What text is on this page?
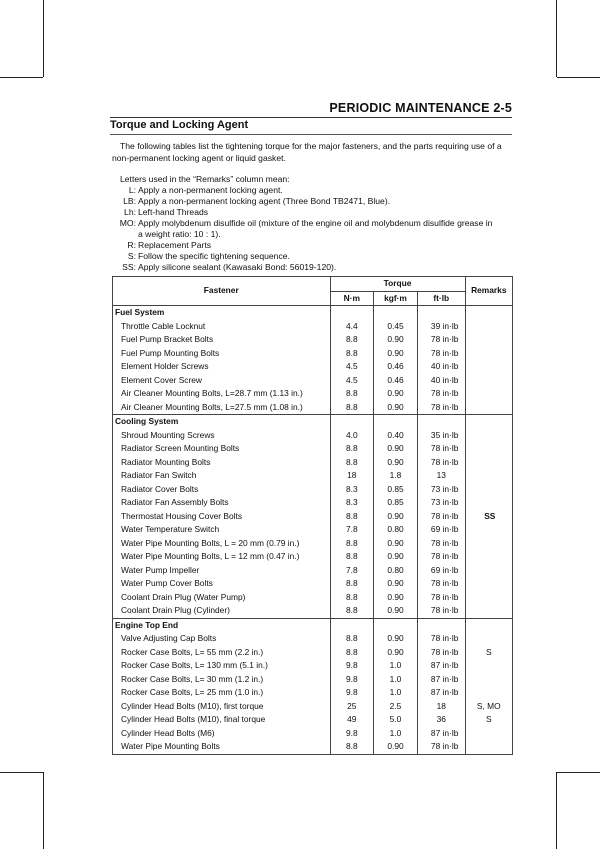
PERIODIC MAINTENANCE 2-5
Torque and Locking Agent
The following tables list the tightening torque for the major fasteners, and the parts requiring use of a non-permanent locking agent or liquid gasket.
Letters used in the “Remarks” column mean:
L: Apply a non-permanent locking agent.
LB: Apply a non-permanent locking agent (Three Bond TB2471, Blue).
Lh: Left-hand Threads
MO: Apply molybdenum disulfide oil (mixture of the engine oil and molybdenum disulfide grease in
a weight ratio: 10 : 1).
R: Replacement Parts
S: Follow the specific tightening sequence.
SS: Apply silicone sealant (Kawasaki Bond: 56019-120).
Fastener	Torque			Remarks
	N·m	kgf·m	ft·lb	
Fuel System				
Throttle Cable Locknut	4.4	0.45	39 in·lb	
Fuel Pump Bracket Bolts	8.8	0.90	78 in·lb	
Fuel Pump Mounting Bolts	8.8	0.90	78 in·lb	
Element Holder Screws	4.5	0.46	40 in·lb	
Element Cover Screw	4.5	0.46	40 in·lb	
Air Cleaner Mounting Bolts, L=28.7 mm (1.13 in.)	8.8	0.90	78 in·lb	
Air Cleaner Mounting Bolts, L=27.5 mm (1.08 in.)	8.8	0.90	78 in·lb	
Cooling System				SS
Shroud Mounting Screws	4.0	0.40	35 in·lb	
Radiator Screen Mounting Bolts	8.8	0.90	78 in·lb	
Radiator Mounting Bolts	8.8	0.90	78 in·lb	
Radiator Fan Switch	18	1.8	13	
Radiator Cover Bolts	8.3	0.85	73 in·lb	
Radiator Fan Assembly Bolts	8.3	0.85	73 in·lb	
Thermostat Housing Cover Bolts	8.8	0.90	78 in·lb	
Water Temperature Switch	7.8	0.80	69 in·lb	
Water Pipe Mounting Bolts, L = 20 mm (0.79 in.)	8.8	0.90	78 in·lb	
Water Pipe Mounting Bolts, L = 12 mm (0.47 in.)	8.8	0.90	78 in·lb	
Water Pump Impeller	7.8	0.80	69 in·lb	
Water Pump Cover Bolts	8.8	0.90	78 in·lb	
Coolant Drain Plug (Water Pump)	8.8	0.90	78 in·lb	
Coolant Drain Plug (Cylinder)	8.8	0.90	78 in·lb	
Engine Top End				
Valve Adjusting Cap Bolts	8.8	0.90	78 in·lb	
Rocker Case Bolts, L= 55 mm (2.2 in.)	8.8	0.90	78 in·lb	S
Rocker Case Bolts, L= 130 mm (5.1 in.)	9.8	1.0	87 in·lb	
Rocker Case Bolts, L= 30 mm (1.2 in.)	9.8	1.0	87 in·lb	
Rocker Case Bolts, L= 25 mm (1.0 in.)	9.8	1.0	87 in·lb	
Cylinder Head Bolts (M10), first torque	25	2.5	18	S, MO
Cylinder Head Bolts (M10), final torque	49	5.0	36	S
Cylinder Head Bolts (M6)	9.8	1.0	87 in·lb	
Water Pipe Mounting Bolts	8.8	0.90	78 in·lb	
